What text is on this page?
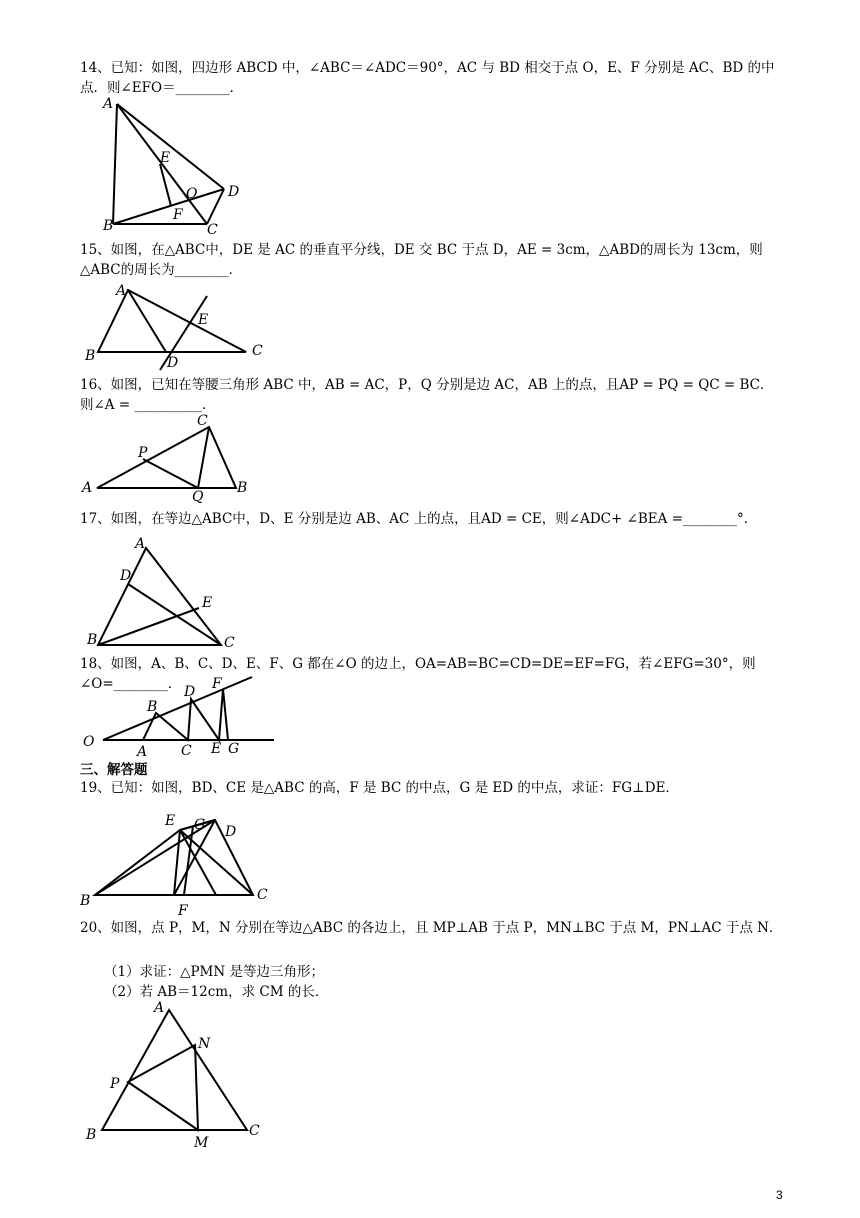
14、已知：如图，四边形 ABCD 中，∠ABC＝∠ADC＝90°，AC 与 BD 相交于点 O，E、F 分别是 AC、BD 的中点．则∠EFO＝________．

A
B	C
D
E
F
O

15、如图，在△ABC中，DE 是 AC 的垂直平分线，DE 交 BC 于点 D，AE = 3cm，△ABD的周长为 13cm，则△ABC的周长为________．

A
B	C
D
E

16、如图，已知在等腰三角形 ABC 中，AB = AC，P，Q 分别是边 AC，AB 上的点，且AP = PQ = QC = BC．则∠A = __________．

A	B
C
P
Q

17、如图，在等边△ABC中，D、E 分别是边 AB、AC 上的点，且AD = CE，则∠ADC+ ∠BEA =________°．

A
B	C
D
E

18、如图，A、B、C、D、E、F、G 都在∠O 的边上，OA=AB=BC=CD=DE=EF=FG，若∠EFG=30°，则∠O=________．

O
A
B
C
D
E
F
G

三、解答题

19、已知：如图，BD、CE 是△ABC 的高，F 是 BC 的中点，G 是 ED 的中点，求证：FG⊥DE．

B	C
D
E
F
G

20、如图，点 P，M，N 分别在等边△ABC 的各边上，且 MP⊥AB 于点 P，MN⊥BC 于点 M，PN⊥AC 于点 N．

（1）求证：△PMN 是等边三角形；

（2）若 AB＝12cm，求 CM 的长．

A
B	C
M
N
P
3
